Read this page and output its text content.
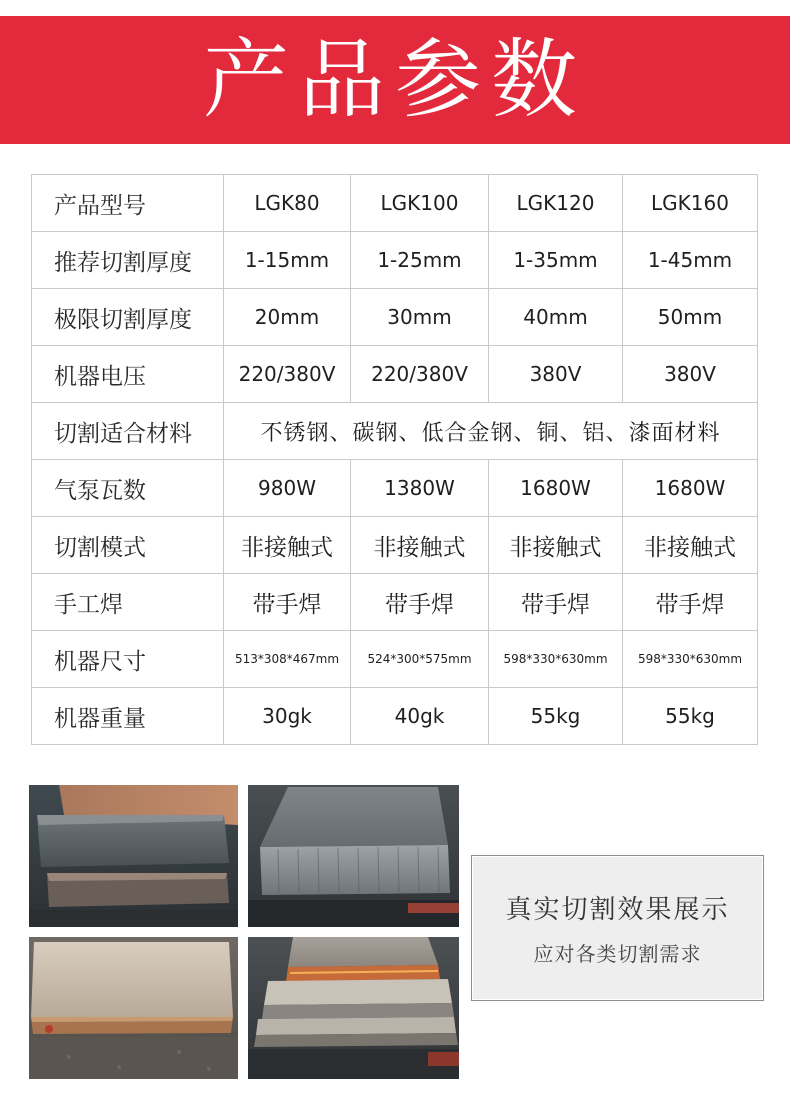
产品参数
产品型号	LGK80	LGK100	LGK120	LGK160
推荐切割厚度	1-15mm	1-25mm	1-35mm	1-45mm
极限切割厚度	20mm	30mm	40mm	50mm
机器电压	220/380V	220/380V	380V	380V
切割适合材料	不锈钢、碳钢、低合金钢、铜、铝、漆面材料			
气泵瓦数	980W	1380W	1680W	1680W
切割模式	非接触式	非接触式	非接触式	非接触式
手工焊	带手焊	带手焊	带手焊	带手焊
机器尺寸	513*308*467mm	524*300*575mm	598*330*630mm	598*330*630mm
机器重量	30gk	40gk	55kg	55kg
真实切割效果展示
应对各类切割需求
